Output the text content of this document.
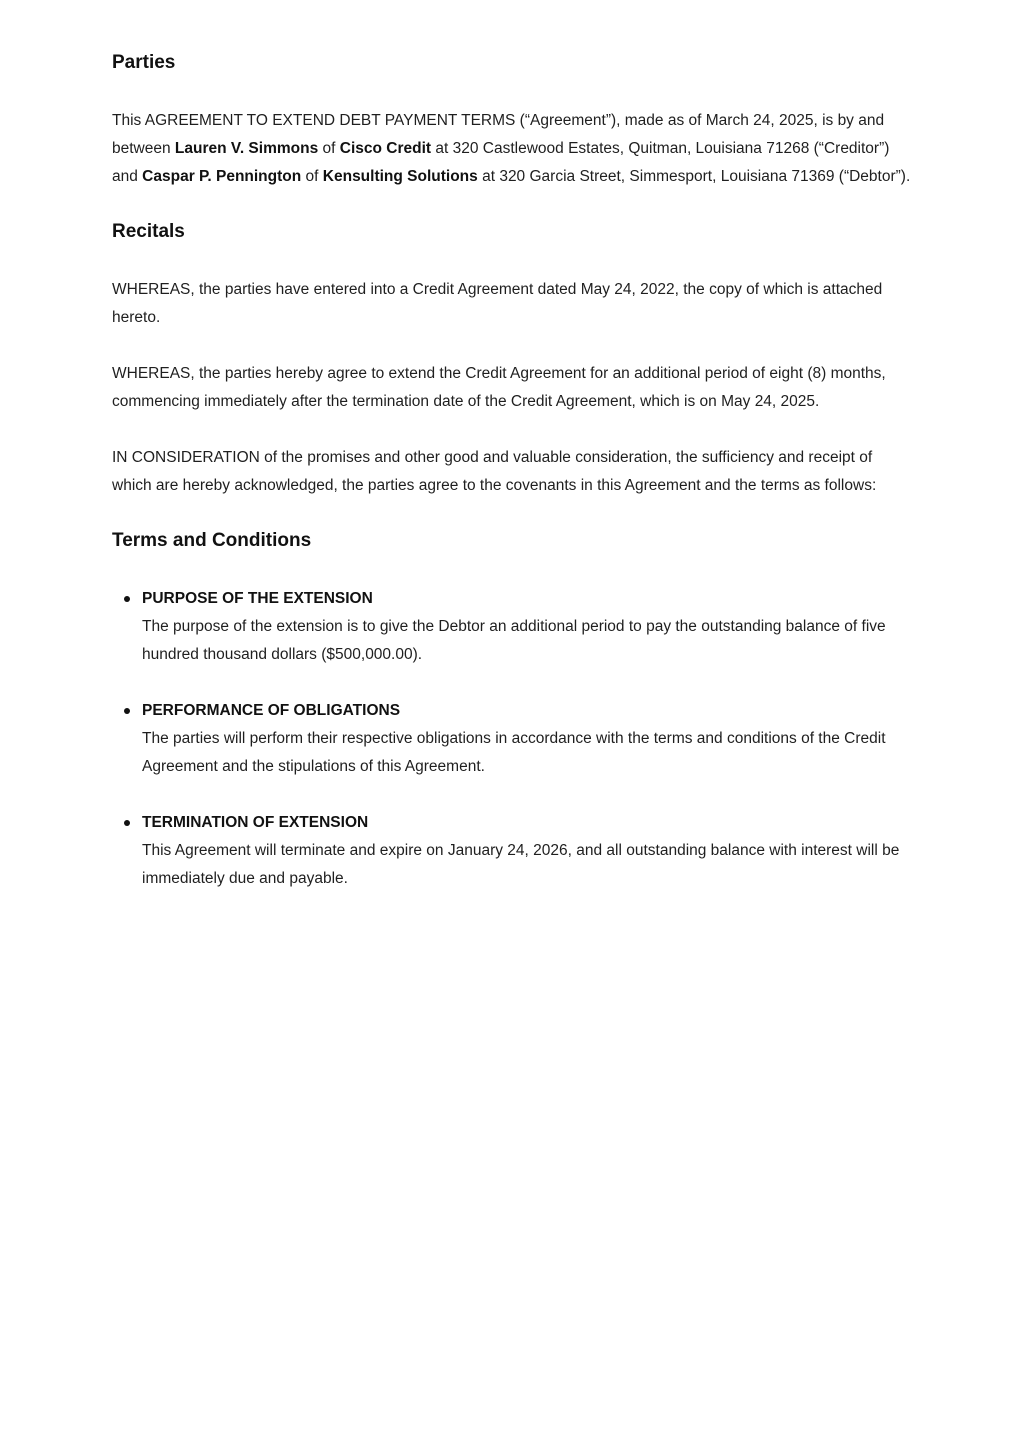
Parties

This AGREEMENT TO EXTEND DEBT PAYMENT TERMS (“Agreement”), made as of March 24, 2025, is by and between Lauren V. Simmons of Cisco Credit at 320 Castlewood Estates, Quitman, Louisiana 71268 (“Creditor”) and Caspar P. Pennington of Kensulting Solutions at 320 Garcia Street, Simmesport, Louisiana 71369 (“Debtor”).

Recitals

WHEREAS, the parties have entered into a Credit Agreement dated May 24, 2022, the copy of which is attached hereto.

WHEREAS, the parties hereby agree to extend the Credit Agreement for an additional period of eight (8) months, commencing immediately after the termination date of the Credit Agreement, which is on May 24, 2025.

IN CONSIDERATION of the promises and other good and valuable consideration, the sufficiency and receipt of which are hereby acknowledged, the parties agree to the covenants in this Agreement and the terms as follows:

Terms and Conditions
PURPOSE OF THE EXTENSION
The purpose of the extension is to give the Debtor an additional period to pay the outstanding balance of five hundred thousand dollars ($500,000.00).
PERFORMANCE OF OBLIGATIONS
The parties will perform their respective obligations in accordance with the terms and conditions of the Credit Agreement and the stipulations of this Agreement.
TERMINATION OF EXTENSION
This Agreement will terminate and expire on January 24, 2026, and all outstanding balance with interest will be immediately due and payable.
